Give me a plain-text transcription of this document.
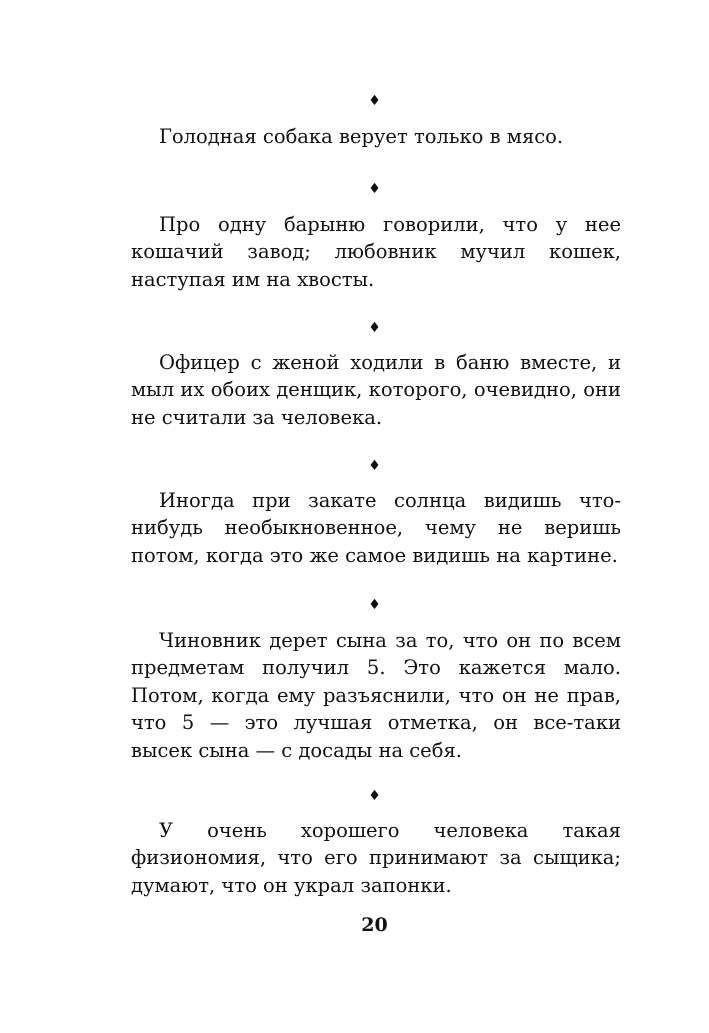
♦

Голодная собака верует только в мясо.

♦

Про одну барыню говорили, что у нее кошачий завод; любовник мучил кошек, наступая им на хвосты.

♦

Офицер с женой ходили в баню вместе, и мыл их обоих денщик, которого, очевидно, они не считали за человека.

♦

Иногда при закате солнца видишь что-нибудь необыкновенное, чему не веришь потом, когда это же самое видишь на картине.

♦

Чиновник дерет сына за то, что он по всем предметам получил 5. Это кажется мало. Потом, когда ему разъяснили, что он не прав, что 5 — это лучшая отметка, он все-таки высек сына — с досады на себя.

♦

У очень хорошего человека такая физиономия, что его принимают за сыщика; думают, что он украл запонки.

20
